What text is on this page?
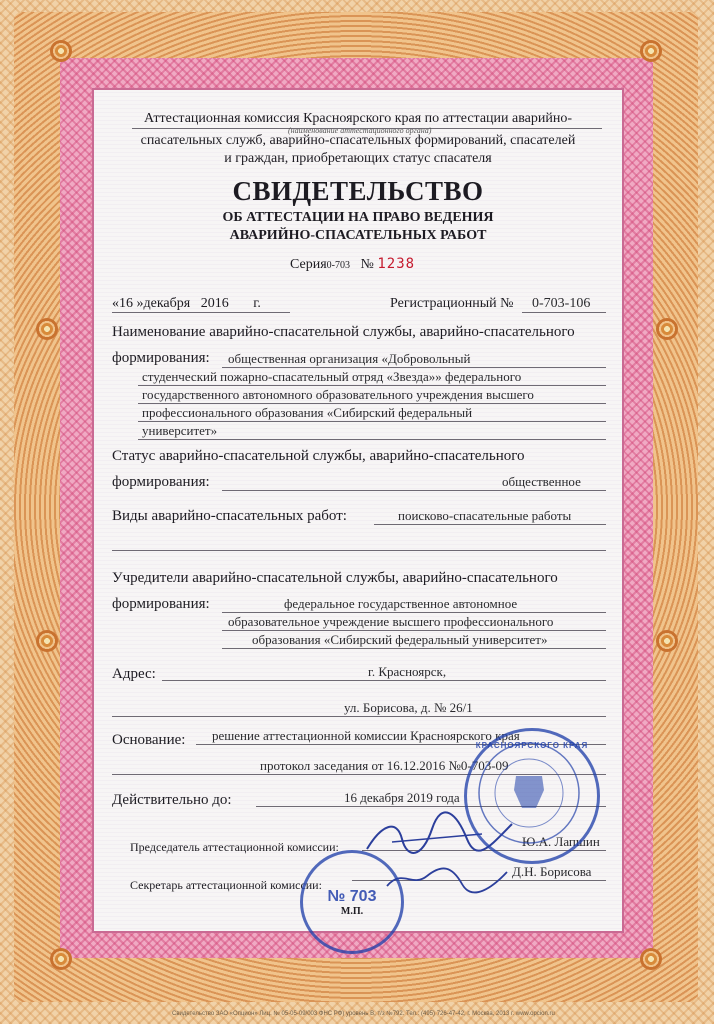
Аттестационная комиссия Красноярского края по аттестации аварийно-
(наименование аттестационного органа)
спасательных служб, аварийно-спасательных формирований, спасателей
и граждан, приобретающих статус спасателя
СВИДЕТЕЛЬСТВО
ОБ АТТЕСТАЦИИ НА ПРАВО ВЕДЕНИЯ
АВАРИЙНО-СПАСАТЕЛЬНЫХ РАБОТ
Серия0-703 № 1238
«16 »декабря 2016 г.	Регистрационный № 0-703-106
Наименование аварийно-спасательной службы, аварийно-спасательного
формирования: общественная организация «Добровольный
студенческий пожарно-спасательный отряд «Звезда»» федерального
государственного автономного образовательного учреждения высшего
профессионального образования «Сибирский федеральный
университет»
Статус аварийно-спасательной службы, аварийно-спасательного
формирования:	общественное
Виды аварийно-спасательных работ:	поисково-спасательные работы
Учредители аварийно-спасательной службы, аварийно-спасательного
формирования:	федеральное государственное автономное
образовательное учреждение высшего профессионального
образования «Сибирский федеральный университет»
Адрес:	г. Красноярск,
ул. Борисова, д. № 26/1
Основание: решение аттестационной комиссии Красноярского края
протокол заседания от 16.12.2016 №0-703-09
Действительно до:	16 декабря 2019 года
Председатель аттестационной комиссии:	Ю.А. Лапшин
Секретарь аттестационной комиссии:
Д.Н. Борисова
КРАСНОЯРСКОГО КРАЯ
№ 703
М.П.
Свидетельство ЗАО «Опцион» Лиц. № 05-05-09/003 ФНС РФ) уровень В, т/з №792. Тел.: (495) 726-47-42, г. Москва, 2013 г. www.opcion.ru
